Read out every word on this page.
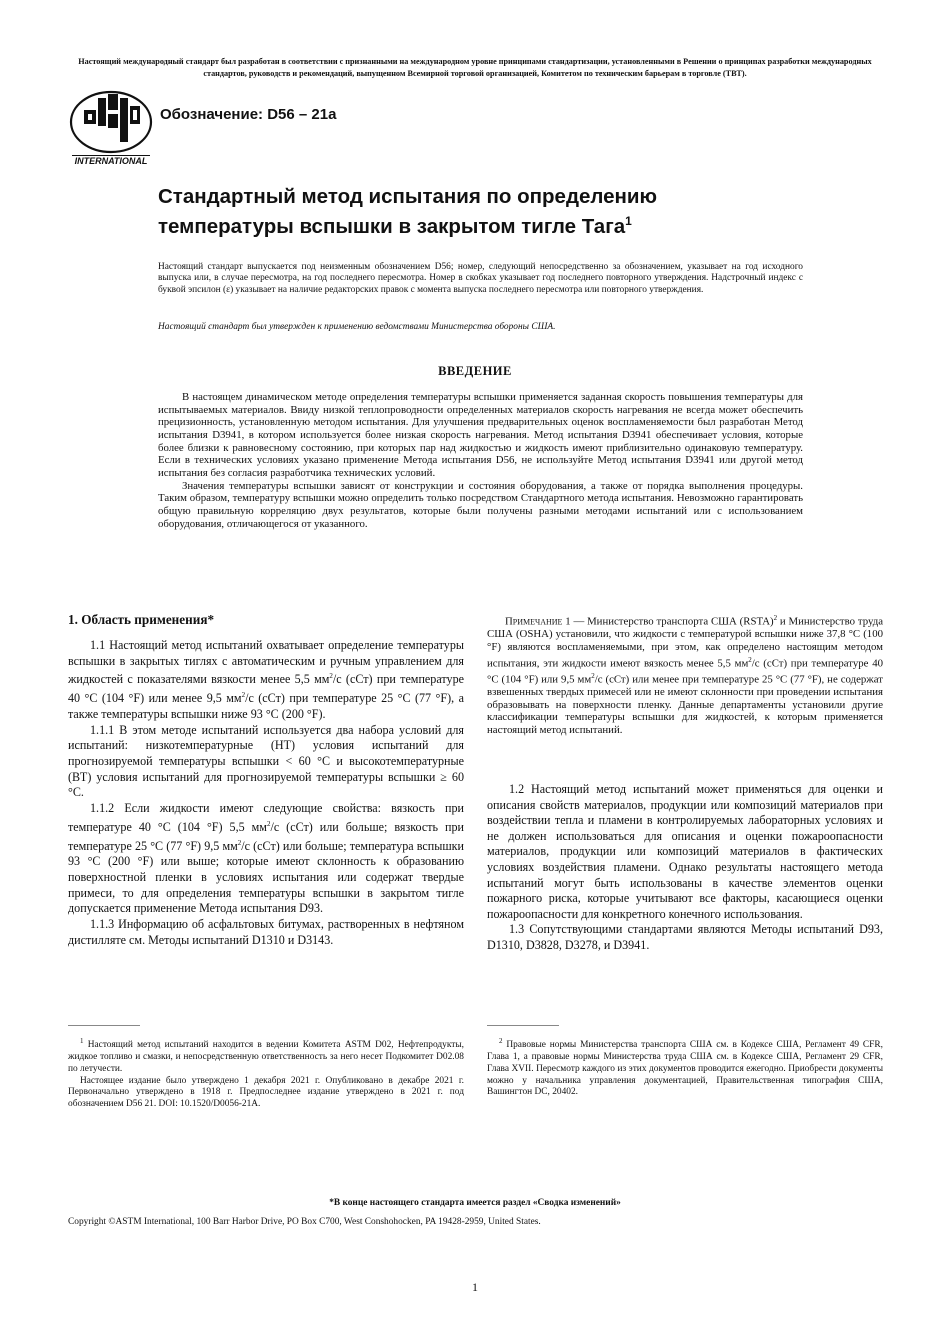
Настоящий международный стандарт был разработан в соответствии с признанными на международном уровне принципами стандартизации, установленными в Решении о принципах разработки международных стандартов, руководств и рекомендаций, выпущенном Всемирной торговой организацией, Комитетом по техническим барьерам в торговле (ТВТ).
INTERNATIONAL
Обозначение: D56 – 21a
Стандартный метод испытания по определению
температуры вспышки в закрытом тигле Тага$^1$
Настоящий стандарт выпускается под неизменным обозначением D56; номер, следующий непосредственно за обозначением, указывает на год исходного выпуска или, в случае пересмотра, на год последнего пересмотра. Номер в скобках указывает год последнего повторного утверждения. Надстрочный индекс с буквой эпсилон (ε) указывает на наличие редакторских правок с момента выпуска последнего пересмотра или повторного утверждения.
Настоящий стандарт был утвержден к применению ведомствами Министерства обороны США.
ВВЕДЕНИЕ

В настоящем динамическом методе определения температуры вспышки применяется заданная скорость повышения температуры для испытываемых материалов. Ввиду низкой теплопроводности определенных материалов скорость нагревания не всегда может обеспечить прецизионность, установленную методом испытания. Для улучшения предварительных оценок воспламеняемости был разработан Метод испытания D3941, в котором используется более низкая скорость нагревания. Метод испытания D3941 обеспечивает условия, которые более близки к равновесному состоянию, при которых пар над жидкостью и жидкость имеют приблизительно одинаковую температуру. Если в технических условиях указано применение Метода испытания D56, не используйте Метод испытания D3941 или другой метод испытания без согласия разработчика технических условий.

Значения температуры вспышки зависят от конструкции и состояния оборудования, а также от порядка выполнения процедуры. Таким образом, температуру вспышки можно определить только посредством Стандартного метода испытания. Невозможно гарантировать общую правильную корреляцию двух результатов, которые были получены разными методами испытаний или с использованием оборудования, отличающегося от указанного.

1. Область применения*

1.1 Настоящий метод испытаний охватывает определение температуры вспышки в закрытых тиглях с автоматическим и ручным управлением для жидкостей с показателями вязкости менее 5,5 $мм^2/с$ (сСт) при температуре 40 °C (104 °F) или менее 9,5 $мм^2/с$ (сСт) при температуре 25 °C (77 °F), а также температуры вспышки ниже 93 °C (200 °F).

1.1.1 В этом методе испытаний используется два набора условий для испытаний: низкотемпературные (НТ) условия испытаний для прогнозируемой температуры вспышки < 60 °C и высокотемпературные (ВТ) условия испытаний для прогнозируемой температуры вспышки ≥ 60 °C.

1.1.2 Если жидкости имеют следующие свойства: вязкость при температуре 40 °C (104 °F) 5,5 $мм^2/с$ (сСт) или больше; вязкость при температуре 25 °C (77 °F) 9,5 $мм^2/с$ (сСт) или больше; температура вспышки 93 °C (200 °F) или выше; которые имеют склонность к образованию поверхностной пленки в условиях испытания или содержат твердые примеси, то для определения температуры вспышки в закрытом тигле допускается применение Метода испытания D93.

1.1.3 Информацию об асфальтовых битумах, растворенных в нефтяном дистилляте см. Методы испытаний D1310 и D3143.

$^1$ Настоящий метод испытаний находится в ведении Комитета ASTM D02, Нефтепродукты, жидкое топливо и смазки, и непосредственную ответственность за него несет Подкомитет D02.08 по летучести.

Настоящее издание было утверждено 1 декабря 2021 г. Опубликовано в декабре 2021 г. Первоначально утверждено в 1918 г. Предпоследнее издание утверждено в 2021 г. под обозначением D56 21. DOI: 10.1520/D0056-21A.

Примечание 1 — Министерство транспорта США (RSTA)$^2$ и Министерство труда США (OSHA) установили, что жидкости с температурой вспышки ниже 37,8 °C (100 °F) являются воспламеняемыми, при этом, как определено настоящим методом испытания, эти жидкости имеют вязкость менее 5,5 $мм^2/с$ (сСт) при температуре 40 °C (104 °F) или 9,5 $мм^2/с$ (сСт) или менее при температуре 25 °C (77 °F), не содержат взвешенных твердых примесей или не имеют склонности при проведении испытания образовывать на поверхности пленку. Данные департаменты установили другие классификации температуры вспышки для жидкостей, к которым применяется настоящий метод испытаний.

1.2 Настоящий метод испытаний может применяться для оценки и описания свойств материалов, продукции или композиций материалов при воздействии тепла и пламени в контролируемых лабораторных условиях и не должен использоваться для описания и оценки пожароопасности материалов, продукции или композиций материалов в фактических условиях воздействия пламени. Однако результаты настоящего метода испытаний могут быть использованы в качестве элементов оценки пожарного риска, которые учитывают все факторы, касающиеся оценки пожароопасности для конкретного конечного использования.

1.3 Сопутствующими стандартами являются Методы испытаний D93, D1310, D3828, D3278, и D3941.

$^2$ Правовые нормы Министерства транспорта США см. в Кодексе США, Регламент 49 CFR, Глава 1, а правовые нормы Министерства труда США см. в Кодексе США, Регламент 29 CFR, Глава XVII. Пересмотр каждого из этих документов проводится ежегодно. Приобрести документы можно у начальника управления документацией, Правительственная типография США, Вашингтон DC, 20402.

*В конце настоящего стандарта имеется раздел «Сводка изменений»
Copyright ©ASTM International, 100 Barr Harbor Drive, PO Box C700, West Conshohocken, PA 19428-2959, United States.
1
